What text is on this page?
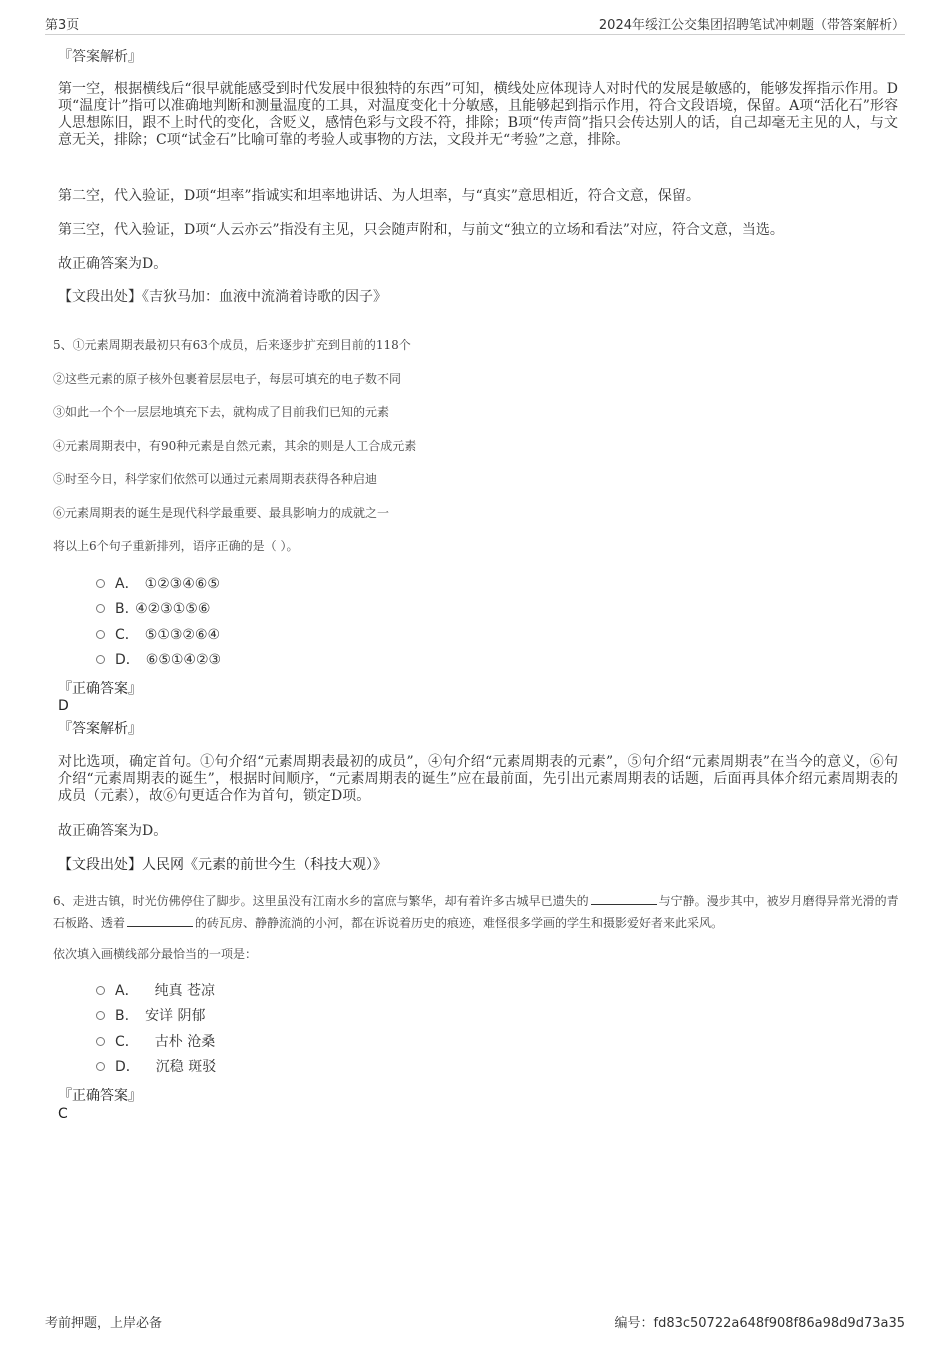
第3页	2024年绥江公交集团招聘笔试冲刺题（带答案解析）
『答案解析』
第一空，根据横线后“很早就能感受到时代发展中很独特的东西”可知，横线处应体现诗人对时代的发展是敏感的，能够发挥指示作用。D项“温度计”指可以准确地判断和测量温度的工具，对温度变化十分敏感，且能够起到指示作用，符合文段语境，保留。A项“活化石”形容人思想陈旧，跟不上时代的变化，含贬义，感情色彩与文段不符，排除；B项“传声筒”指只会传达别人的话，自己却毫无主见的人，与文意无关，排除；C项“试金石”比喻可靠的考验人或事物的方法，文段并无“考验”之意，排除。
第二空，代入验证，D项“坦率”指诚实和坦率地讲话、为人坦率，与“真实”意思相近，符合文意，保留。
第三空，代入验证，D项“人云亦云”指没有主见，只会随声附和，与前文“独立的立场和看法”对应，符合文意，当选。
故正确答案为D。
【文段出处】《吉狄马加：血液中流淌着诗歌的因子》
5、①元素周期表最初只有63个成员，后来逐步扩充到目前的118个
②这些元素的原子核外包裹着层层电子，每层可填充的电子数不同
③如此一个个一层层地填充下去，就构成了目前我们已知的元素
④元素周期表中，有90种元素是自然元素，其余的则是人工合成元素
⑤时至今日，科学家们依然可以通过元素周期表获得各种启迪
⑥元素周期表的诞生是现代科学最重要、最具影响力的成就之一
将以上6个句子重新排列，语序正确的是（ ）。
A． ①②③④⑥⑤
B. ④②③①⑤⑥
C． ⑤①③②⑥④
D． ⑥⑤①④②③
『正确答案』
D
『答案解析』
对比选项，确定首句。①句介绍“元素周期表最初的成员”，④句介绍“元素周期表的元素”，⑤句介绍“元素周期表”在当今的意义，⑥句介绍“元素周期表的诞生”，根据时间顺序，“元素周期表的诞生”应在最前面，先引出元素周期表的话题，后面再具体介绍元素周期表的成员（元素），故⑥句更适合作为首句，锁定D项。
故正确答案为D。
【文段出处】人民网《元素的前世今生（科技大观）》
6、走进古镇，时光仿佛停住了脚步。这里虽没有江南水乡的富庶与繁华，却有着许多古城早已遗失的	与宁静。漫步其中，被岁月磨得异常光滑的青石板路、透着	的砖瓦房、静静流淌的小河，都在诉说着历史的痕迹，难怪很多学画的学生和摄影爱好者来此采风。
依次填入画横线部分最恰当的一项是：
A． 纯真 苍凉
B. 安详 阴郁
C． 古朴 沧桑
D． 沉稳 斑驳
『正确答案』
C
考前押题，上岸必备	编号：fd83c50722a648f908f86a98d9d73a35
